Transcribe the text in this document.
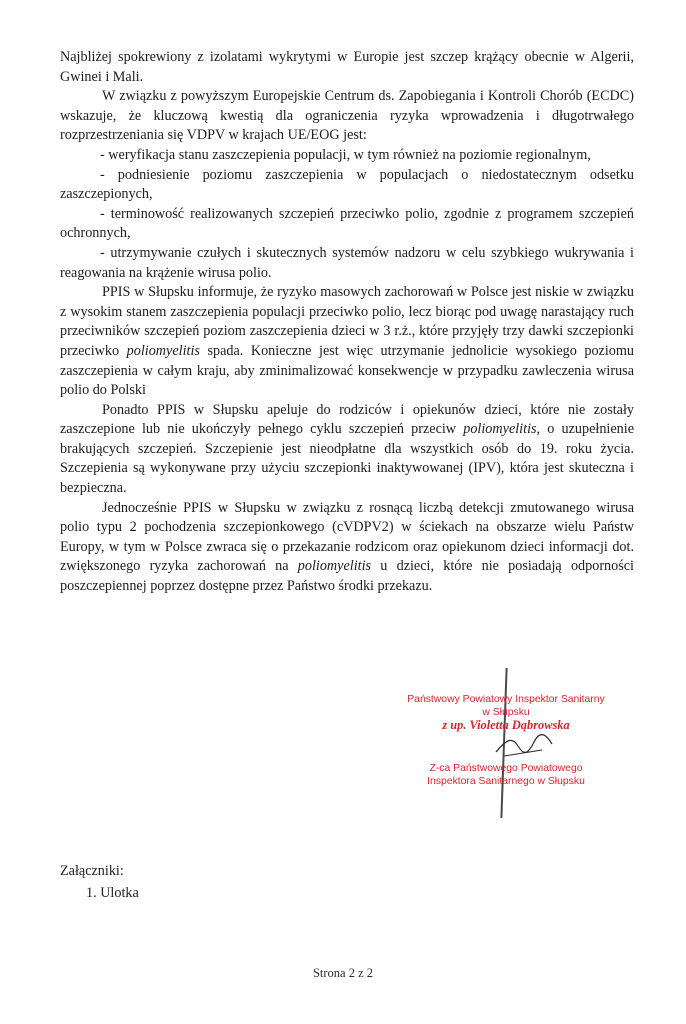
Najbliżej spokrewiony z izolatami wykrytymi w Europie jest szczep krążący obecnie w Algerii, Gwinei i Mali.

W związku z powyższym Europejskie Centrum ds. Zapobiegania i Kontroli Chorób (ECDC) wskazuje, że kluczową kwestią dla ograniczenia ryzyka wprowadzenia i długotrwałego rozprzestrzeniania się VDPV w krajach UE/EOG jest:

- weryfikacja stanu zaszczepienia populacji, w tym również na poziomie regionalnym,

- podniesienie poziomu zaszczepienia w populacjach o niedostatecznym odsetku zaszczepionych,

- terminowość realizowanych szczepień przeciwko polio, zgodnie z programem szczepień ochronnych,

- utrzymywanie czułych i skutecznych systemów nadzoru w celu szybkiego wukrywania i reagowania na krążenie wirusa polio.

PPIS w Słupsku informuje, że ryzyko masowych zachorowań w Polsce jest niskie w związku z wysokim stanem zaszczepienia populacji przeciwko polio, lecz biorąc pod uwagę narastający ruch przeciwników szczepień poziom zaszczepienia dzieci w 3 r.ż., które przyjęły trzy dawki szczepionki przeciwko poliomyelitis spada. Konieczne jest więc utrzymanie jednolicie wysokiego poziomu zaszczepienia w całym kraju, aby zminimalizować konsekwencje w przypadku zawleczenia wirusa polio do Polski

Ponadto PPIS w Słupsku apeluje do rodziców i opiekunów dzieci, które nie zostały zaszczepione lub nie ukończyły pełnego cyklu szczepień przeciw poliomyelitis, o uzupełnienie brakujących szczepień. Szczepienie jest nieodpłatne dla wszystkich osób do 19. roku życia. Szczepienia są wykonywane przy użyciu szczepionki inaktywowanej (IPV), która jest skuteczna i bezpieczna.

Jednocześnie PPIS w Słupsku w związku z rosnącą liczbą detekcji zmutowanego wirusa polio typu 2 pochodzenia szczepionkowego (cVDPV2) w ściekach na obszarze wielu Państw Europy, w tym w Polsce zwraca się o przekazanie rodzicom oraz opiekunom dzieci informacji dot. zwiększonego ryzyka zachorowań na poliomyelitis u dzieci, które nie posiadają odporności poszczepiennej poprzez dostępne przez Państwo środki przekazu.

Państwowy Powiatowy Inspektor Sanitarny
w Słupsku
z up. Violetta Dąbrowska
Z-ca Państwowego Powiatowego
Inspektora Sanitarnego w Słupsku
Załączniki:
1. Ulotka
Strona 2 z 2
